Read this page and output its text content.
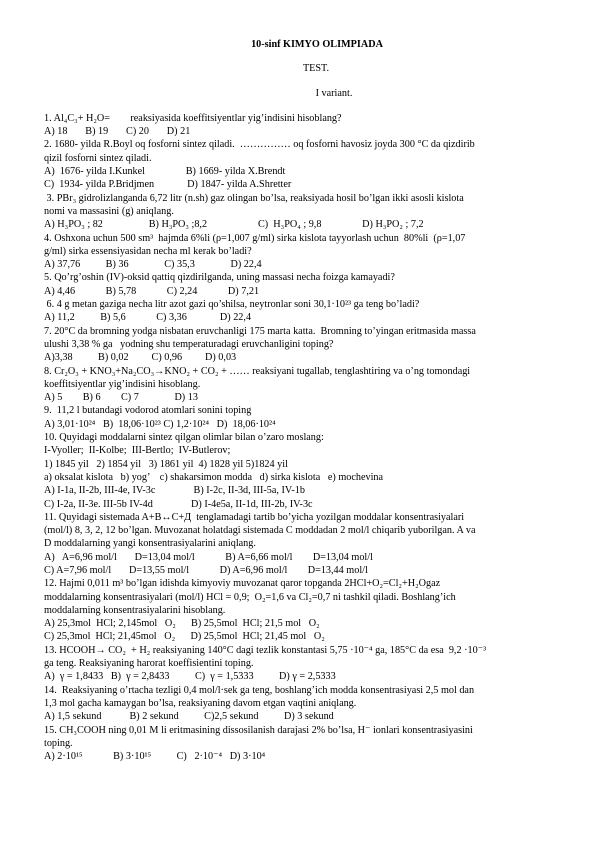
10-sinf KIMYO OLIMPIADA
TEST.
I variant.
1. Al₄C₃+ H₂O=        reaksiyasida koeffitsiyentlar yig’indisini hisoblang?
A) 18       B) 19       C) 20       D) 21
2. 1680- yilda R.Boyl oq fosforni sintez qiladi.  …………… oq fosforni havosiz joyda 300 °C da qizdirib
qizil fosforni sintez qiladi.
A)  1676- yilda I.Kunkel                B) 1669- yilda X.Brendt
C)  1934- yilda P.Bridjmen             D) 1847- yilda A.Shretter
3. PBr₃ gidrolizlanganda 6,72 litr (n.sh) gaz olingan bo’lsa, reaksiyada hosil bo’lgan ikki asosli kislota
nomi va massasini (g) aniqlang.
A) H₃PO₃ ; 82                  B) H₃PO₃ ;8,2                    C)  H₃PO₄ ; 9,8                D) H₃PO₂ ; 7,2
4. Oshxona uchun 500 sm³  hajmda 6%li (ρ=1,007 g/ml) sirka kislota tayyorlash uchun  80%li  (ρ=1,07
g/ml) sirka essensiyasidan necha ml kerak bo’ladi?
A) 37,76          B) 36              C) 35,3              D) 22,4
5. Qo’rg’oshin (IV)-oksid qattiq qizdirilganda, uning massasi necha foizga kamayadi?
A) 4,46            B) 5,78            C) 2,24            D) 7,21
6. 4 g metan gaziga necha litr azot gazi qo’shilsa, neytronlar soni 30,1·10²³ ga teng bo’ladi?
A) 11,2          B) 5,6            C) 3,36             D) 22,4
7. 20°C da bromning yodga nisbatan eruvchanligi 175 marta katta.  Bromning to’yingan eritmasida massa
ulushi 3,38 % ga   yodning shu temperaturadagi eruvchanligini toping?
A)3,38          B) 0,02         C) 0,96         D) 0,03
8. Cr₂O₃ + KNO₃+Na₂CO₃→KNO₂ + CO₂ + …… reaksiyani tugallab, tenglashtiring va o’ng tomondagi
koeffitsiyentlar yig’indisini hisoblang.
A) 5        B) 6        C) 7              D) 13
9.  11,2 l butandagi vodorod atomlari sonini toping
A) 3,01·10²⁴   B)  18,06·10²³ C) 1,2·10²⁴   D)  18,06·10²⁴
10. Quyidagi moddalarni sintez qilgan olimlar bilan o’zaro moslang:
I-Vyoller;  II-Kolbe;  III-Bertlo;  IV-Butlerov;
1) 1845 yil   2) 1854 yil   3) 1861 yil  4) 1828 yil 5)1824 yil
a) oksalat kislota   b) yog’    c) shakarsimon modda   d) sirka kislota   e) mochevina
A) I-1a, II-2b, III-4e, IV-3c               B) I-2c, II-3d, III-5a, IV-1b
C) I-2a, II-3e. III-5b IV-4d               D) I-4e5a, II-1d, III-2b, IV-3c
11. Quyidagi sistemada A+B↔C+Д  tenglamadagi tartib bo’yicha yozilgan moddalar konsentrasiyalari
(mol/l) 8, 3, 2, 12 bo’lgan. Muvozanat holatdagi sistemada C moddadan 2 mol/l chiqarib yuborilgan. A va
D moddalarning yangi konsentrasiyalarini aniqlang.
A)   A=6,96 mol/l       D=13,04 mol/l            B) A=6,66 mol/l        D=13,04 mol/l
C) A=7,96 mol/l       D=13,55 mol/l            D) A=6,96 mol/l        D=13,44 mol/l
12. Hajmi 0,011 m³ bo’lgan idishda kimyoviy muvozanat qaror topganda 2HCl+O₂=Cl₂+H₂Ogaz
moddalarning konsentrasiyalari (mol/l) HCl = 0,9;  O₂=1,6 va Cl₂=0,7 ni tashkil qiladi. Boshlang’ich
moddalarning konsentrasiyalarini hisoblang.
A) 25,3mol  HCl; 2,145mol   O₂      B) 25,5mol  HCl; 21,5 mol   O₂
C) 25,3mol  HCl; 21,45mol   O₂      D) 25,5mol  HCl; 21,45 mol   O₂
13. HCOOH→ CO₂  + H₂ reaksiyaning 140°C dagi tezlik konstantasi 5,75 ·10⁻⁴ ga, 185°C da esa  9,2 ·10⁻³
ga teng. Reaksiyaning harorat koeffisientini toping.
A)  γ = 1,8433   B)  γ = 2,8433          C)  γ = 1,5333          D) γ = 2,5333
14.  Reaksiyaning o’rtacha tezligi 0,4 mol/l·sek ga teng, boshlang’ich modda konsentrasiyasi 2,5 mol dan
1,3 mol gacha kamaygan bo’lsa, reaksiyaning davom etgan vaqtini aniqlang.
A) 1,5 sekund           B) 2 sekund          C)2,5 sekund          D) 3 sekund
15. CH₃COOH ning 0,01 M li eritmasining dissosilanish darajasi 2% bo’lsa, H⁻ ionlari konsentrasiyasini
toping.
A) 2·10¹⁵            B) 3·10¹⁵          C)   2·10⁻⁴   D) 3·10⁴
